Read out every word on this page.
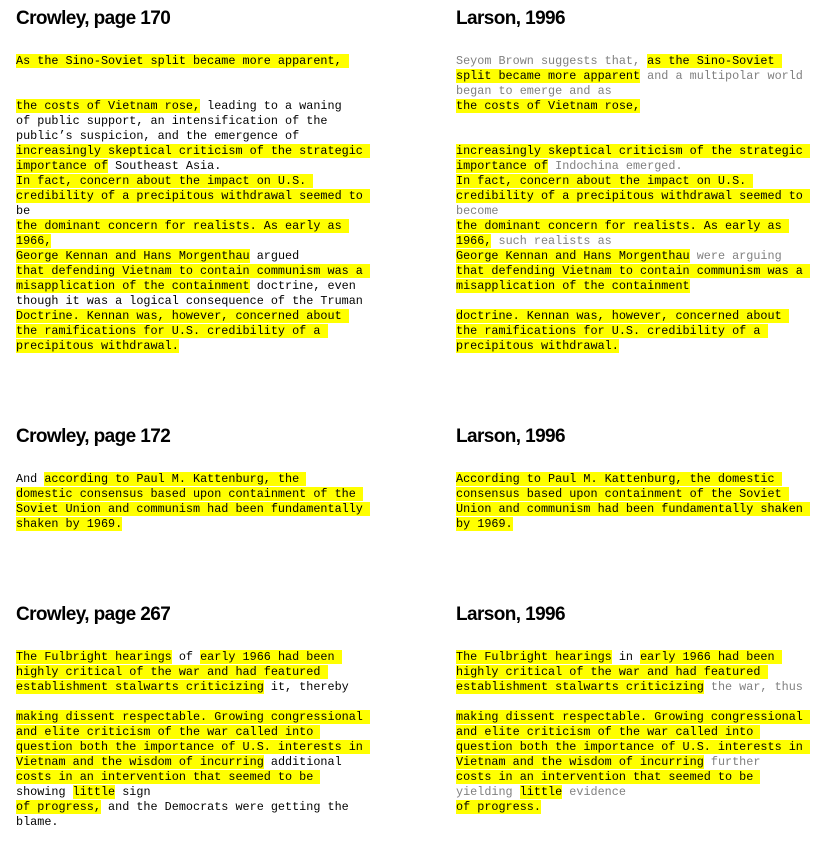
Crowley, page 170
As the Sino-Soviet split became more apparent,
the costs of Vietnam rose, leading to a waning
of public support, an intensification of the
public’s suspicion, and the emergence of
increasingly skeptical criticism of the strategic
importance of Southeast Asia.
In fact, concern about the impact on U.S.
credibility of a precipitous withdrawal seemed to
be
the dominant concern for realists. As early as
1966,
George Kennan and Hans Morgenthau argued
that defending Vietnam to contain communism was a
misapplication of the containment doctrine, even
though it was a logical consequence of the Truman
Doctrine. Kennan was, however, concerned about
the ramifications for U.S. credibility of a
precipitous withdrawal.
Larson, 1996
Seyom Brown suggests that, as the Sino-Soviet
split became more apparent and a multipolar world
began to emerge and as
the costs of Vietnam rose,
increasingly skeptical criticism of the strategic
importance of Indochina emerged.
In fact, concern about the impact on U.S.
credibility of a precipitous withdrawal seemed to
become
the dominant concern for realists. As early as
1966, such realists as
George Kennan and Hans Morgenthau were arguing
that defending Vietnam to contain communism was a
misapplication of the containment
doctrine. Kennan was, however, concerned about
the ramifications for U.S. credibility of a
precipitous withdrawal.
Crowley, page 172
And according to Paul M. Kattenburg, the
domestic consensus based upon containment of the
Soviet Union and communism had been fundamentally
shaken by 1969.
Larson, 1996
According to Paul M. Kattenburg, the domestic
consensus based upon containment of the Soviet
Union and communism had been fundamentally shaken
by 1969.
Crowley, page 267
The Fulbright hearings of early 1966 had been
highly critical of the war and had featured
establishment stalwarts criticizing it, thereby
making dissent respectable. Growing congressional
and elite criticism of the war called into
question both the importance of U.S. interests in
Vietnam and the wisdom of incurring additional
costs in an intervention that seemed to be
showing little sign
of progress, and the Democrats were getting the
blame.
Larson, 1996
The Fulbright hearings in early 1966 had been
highly critical of the war and had featured
establishment stalwarts criticizing the war, thus
making dissent respectable. Growing congressional
and elite criticism of the war called into
question both the importance of U.S. interests in
Vietnam and the wisdom of incurring further
costs in an intervention that seemed to be
yielding little evidence
of progress.
